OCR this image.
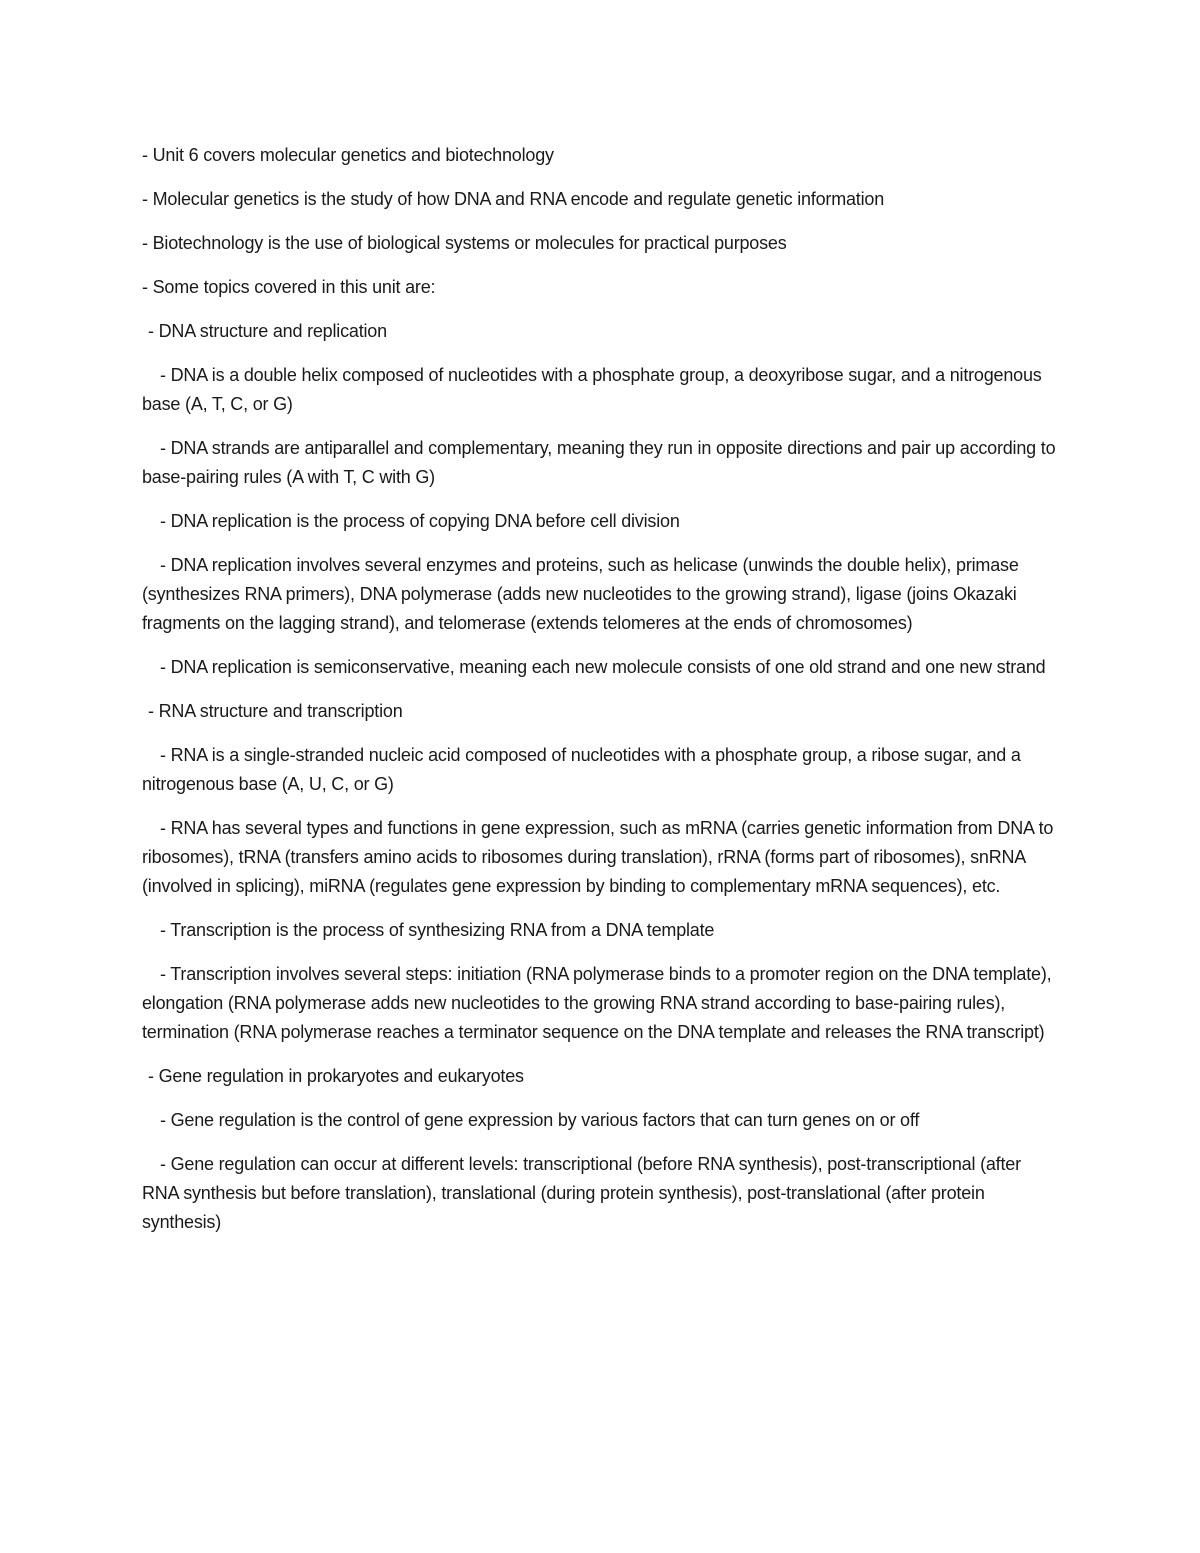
- Unit 6 covers molecular genetics and biotechnology

- Molecular genetics is the study of how DNA and RNA encode and regulate genetic information

- Biotechnology is the use of biological systems or molecules for practical purposes

- Some topics covered in this unit are:

- DNA structure and replication

- DNA is a double helix composed of nucleotides with a phosphate group, a deoxyribose sugar, and a nitrogenous base (A, T, C, or G)

- DNA strands are antiparallel and complementary, meaning they run in opposite directions and pair up according to base-pairing rules (A with T, C with G)

- DNA replication is the process of copying DNA before cell division

- DNA replication involves several enzymes and proteins, such as helicase (unwinds the double helix), primase (synthesizes RNA primers), DNA polymerase (adds new nucleotides to the growing strand), ligase (joins Okazaki fragments on the lagging strand), and telomerase (extends telomeres at the ends of chromosomes)

- DNA replication is semiconservative, meaning each new molecule consists of one old strand and one new strand

- RNA structure and transcription

- RNA is a single-stranded nucleic acid composed of nucleotides with a phosphate group, a ribose sugar, and a nitrogenous base (A, U, C, or G)

- RNA has several types and functions in gene expression, such as mRNA (carries genetic information from DNA to ribosomes), tRNA (transfers amino acids to ribosomes during translation), rRNA (forms part of ribosomes), snRNA (involved in splicing), miRNA (regulates gene expression by binding to complementary mRNA sequences), etc.

- Transcription is the process of synthesizing RNA from a DNA template

- Transcription involves several steps: initiation (RNA polymerase binds to a promoter region on the DNA template), elongation (RNA polymerase adds new nucleotides to the growing RNA strand according to base-pairing rules), termination (RNA polymerase reaches a terminator sequence on the DNA template and releases the RNA transcript)

- Gene regulation in prokaryotes and eukaryotes

- Gene regulation is the control of gene expression by various factors that can turn genes on or off

- Gene regulation can occur at different levels: transcriptional (before RNA synthesis), post-transcriptional (after RNA synthesis but before translation), translational (during protein synthesis), post-translational (after protein synthesis)
